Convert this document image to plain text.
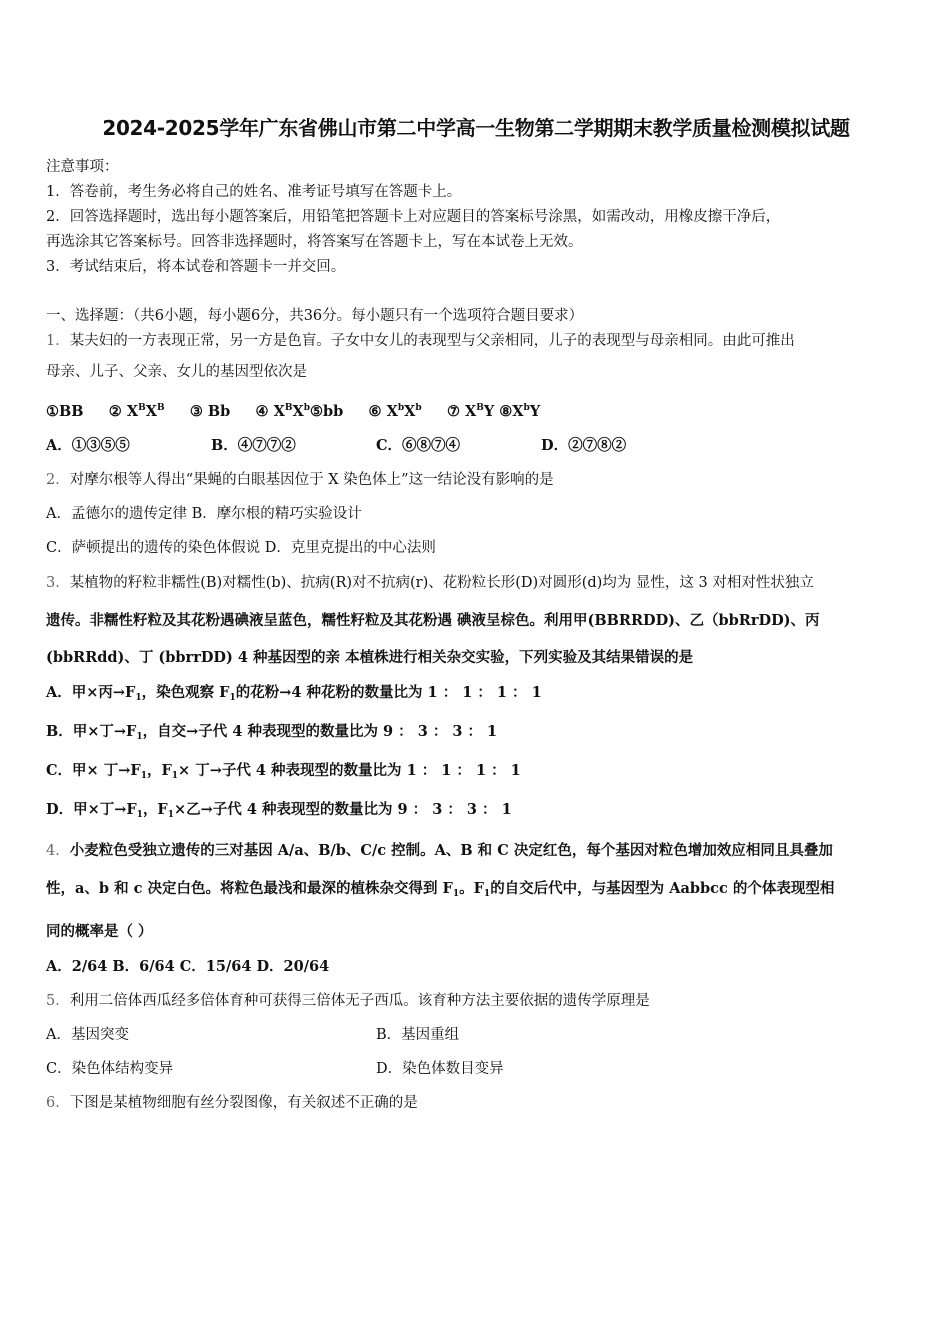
2024-2025学年广东省佛山市第二中学高一生物第二学期期末教学质量检测模拟试题
注意事项：
1．答卷前，考生务必将自己的姓名、准考证号填写在答题卡上。
2．回答选择题时，选出每小题答案后，用铅笔把答题卡上对应题目的答案标号涂黑，如需改动，用橡皮擦干净后，
再选涂其它答案标号。回答非选择题时，将答案写在答题卡上，写在本试卷上无效。
3．考试结束后，将本试卷和答题卡一并交回。
一、选择题：（共6小题，每小题6分，共36分。每小题只有一个选项符合题目要求）
1．某夫妇的一方表现正常，另一方是色盲。子女中女儿的表现型与父亲相同，儿子的表现型与母亲相同。由此可推出
母亲、儿子、父亲、女儿的基因型依次是
①BB ② $X^BX^B$ ③ Bb ④ $X^BX^b⑤bb$ ⑥ $X^bX^b$ ⑦ $X^BY$ $⑧X^bY$
A．①③⑤⑤	B．④⑦⑦②	C．⑥⑧⑦④	D．②⑦⑧②
2．对摩尔根等人得出“果蝇的白眼基因位于 X 染色体上”这一结论没有影响的是
A．孟德尔的遗传定律 B．摩尔根的精巧实验设计
C．萨顿提出的遗传的染色体假说 D．克里克提出的中心法则
3．某植物的籽粒非糯性(B)对糯性(b)、抗病(R)对不抗病(r)、花粉粒长形(D)对圆形(d)均为 显性，这 3 对相对性状独立
遗传。非糯性籽粒及其花粉遇碘液呈蓝色，糯性籽粒及其花粉遇 碘液呈棕色。利用甲(BBRRDD)、乙（bbRrDD)、丙
(bbRRdd)、丁 (bbrrDD) 4 种基因型的亲 本植株进行相关杂交实验，下列实验及其结果错误的是
A．甲×丙$\to F_1$，染色观察 $F_1$的花粉→4 种花粉的数量比为 1 ： 1 ： 1 ： 1
B．甲×丁$\to F_1$，自交→子代 4 种表现型的数量比为 9 ： 3 ： 3 ： 1
C．甲× 丁$\to F_1$，$F_1\times$ 丁→子代 4 种表现型的数量比为 1 ： 1 ： 1 ： 1
D．甲×丁$\to F_1$，$F_1\times$乙→子代 4 种表现型的数量比为 9 ： 3 ： 3 ： 1
4．小麦粒色受独立遗传的三对基因 A/a、B/b、C/c 控制。A、B 和 C 决定红色，每个基因对粒色增加效应相同且具叠加
性，a、b 和 c 决定白色。将粒色最浅和最深的植株杂交得到 $F_1$。$F_1$的自交后代中，与基因型为 Aabbcc 的个体表现型相
同的概率是（ ）
A．2/64 B．6/64 C．15/64 D．20/64
5．利用二倍体西瓜经多倍体育种可获得三倍体无子西瓜。该育种方法主要依据的遗传学原理是
A．基因突变	B．基因重组
C．染色体结构变异	D．染色体数目变异
6．下图是某植物细胞有丝分裂图像，有关叙述不正确的是
